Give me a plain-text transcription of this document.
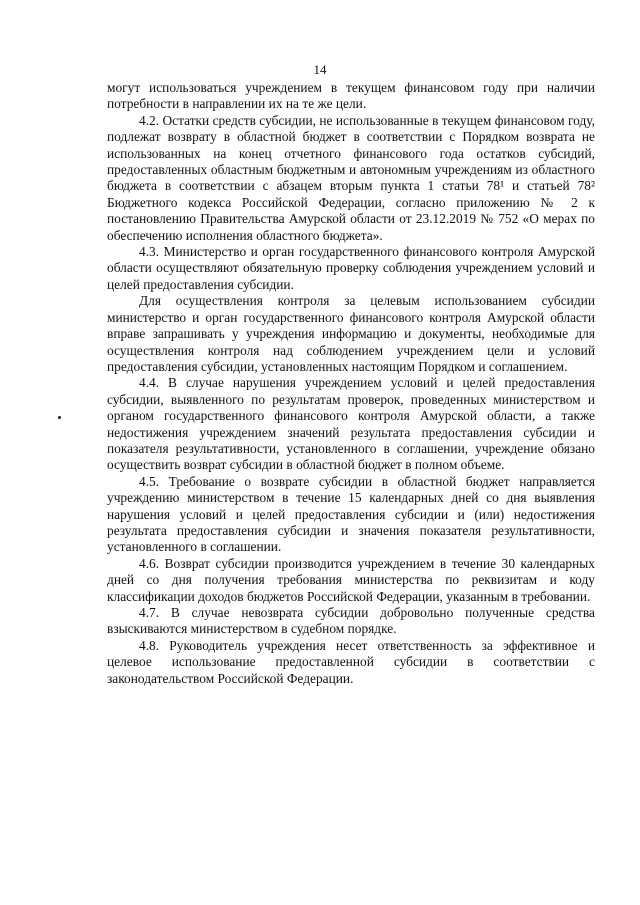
14

могут использоваться учреждением в текущем финансовом году при наличии потребности в направлении их на те же цели.

4.2. Остатки средств субсидии, не использованные в текущем финансовом году, подлежат возврату в областной бюджет в соответствии с Порядком возврата не использованных на конец отчетного финансового года остатков субсидий, предоставленных областным бюджетным и автономным учреждениям из областного бюджета в соответствии с абзацем вторым пункта 1 статьи 78¹ и статьей 78² Бюджетного кодекса Российской Федерации, согласно приложению № 2 к постановлению Правительства Амурской области от 23.12.2019 № 752 «О мерах по обеспечению исполнения областного бюджета».

4.3. Министерство и орган государственного финансового контроля Амурской области осуществляют обязательную проверку соблюдения учреждением условий и целей предоставления субсидии.

Для осуществления контроля за целевым использованием субсидии министерство и орган государственного финансового контроля Амурской области вправе запрашивать у учреждения информацию и документы, необходимые для осуществления контроля над соблюдением учреждением цели и условий предоставления субсидии, установленных настоящим Порядком и соглашением.

4.4. В случае нарушения учреждением условий и целей предоставления субсидии, выявленного по результатам проверок, проведенных министерством и органом государственного финансового контроля Амурской области, а также недостижения учреждением значений результата предоставления субсидии и показателя результативности, установленного в соглашении, учреждение обязано осуществить возврат субсидии в областной бюджет в полном объеме.

4.5. Требование о возврате субсидии в областной бюджет направляется учреждению министерством в течение 15 календарных дней со дня выявления нарушения условий и целей предоставления субсидии и (или) недостижения результата предоставления субсидии и значения показателя результативности, установленного в соглашении.

4.6. Возврат субсидии производится учреждением в течение 30 календарных дней со дня получения требования министерства по реквизитам и коду классификации доходов бюджетов Российской Федерации, указанным в требовании.

4.7. В случае невозврата субсидии добровольно полученные средства взыскиваются министерством в судебном порядке.

4.8. Руководитель учреждения несет ответственность за эффективное и целевое использование предоставленной субсидии в соответствии с законодательством Российской Федерации.
